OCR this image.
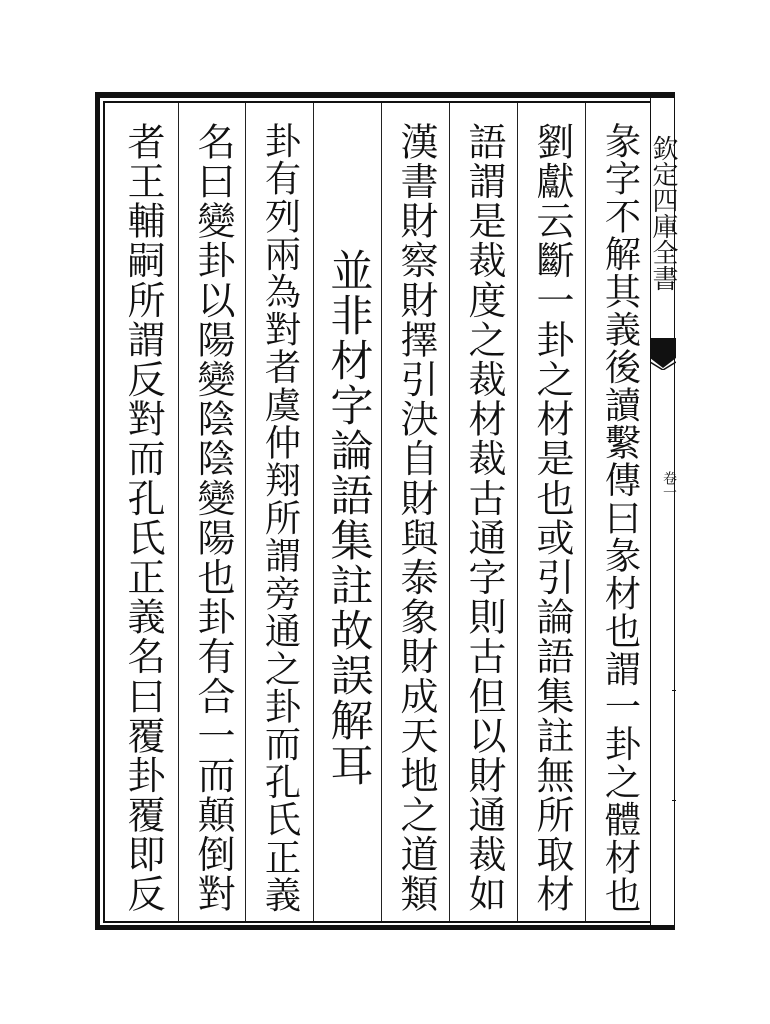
彖字不解其義後讀繫傳曰彖材也謂一卦之體材也
劉獻云斷一卦之材是也或引論語集註無所取材
語謂是裁度之裁材裁古通字則古但以財通裁如
漢書財察財擇引決自財與泰象財成天地之道類
並非材字論語集註故誤解耳
卦有列兩為對者虞仲翔所謂旁通之卦而孔氏正義
名曰變卦以陽變陰陰變陽也卦有合一而顛倒對
者王輔嗣所謂反對而孔氏正義名曰覆卦覆即反	欽定四庫全書
卷一
